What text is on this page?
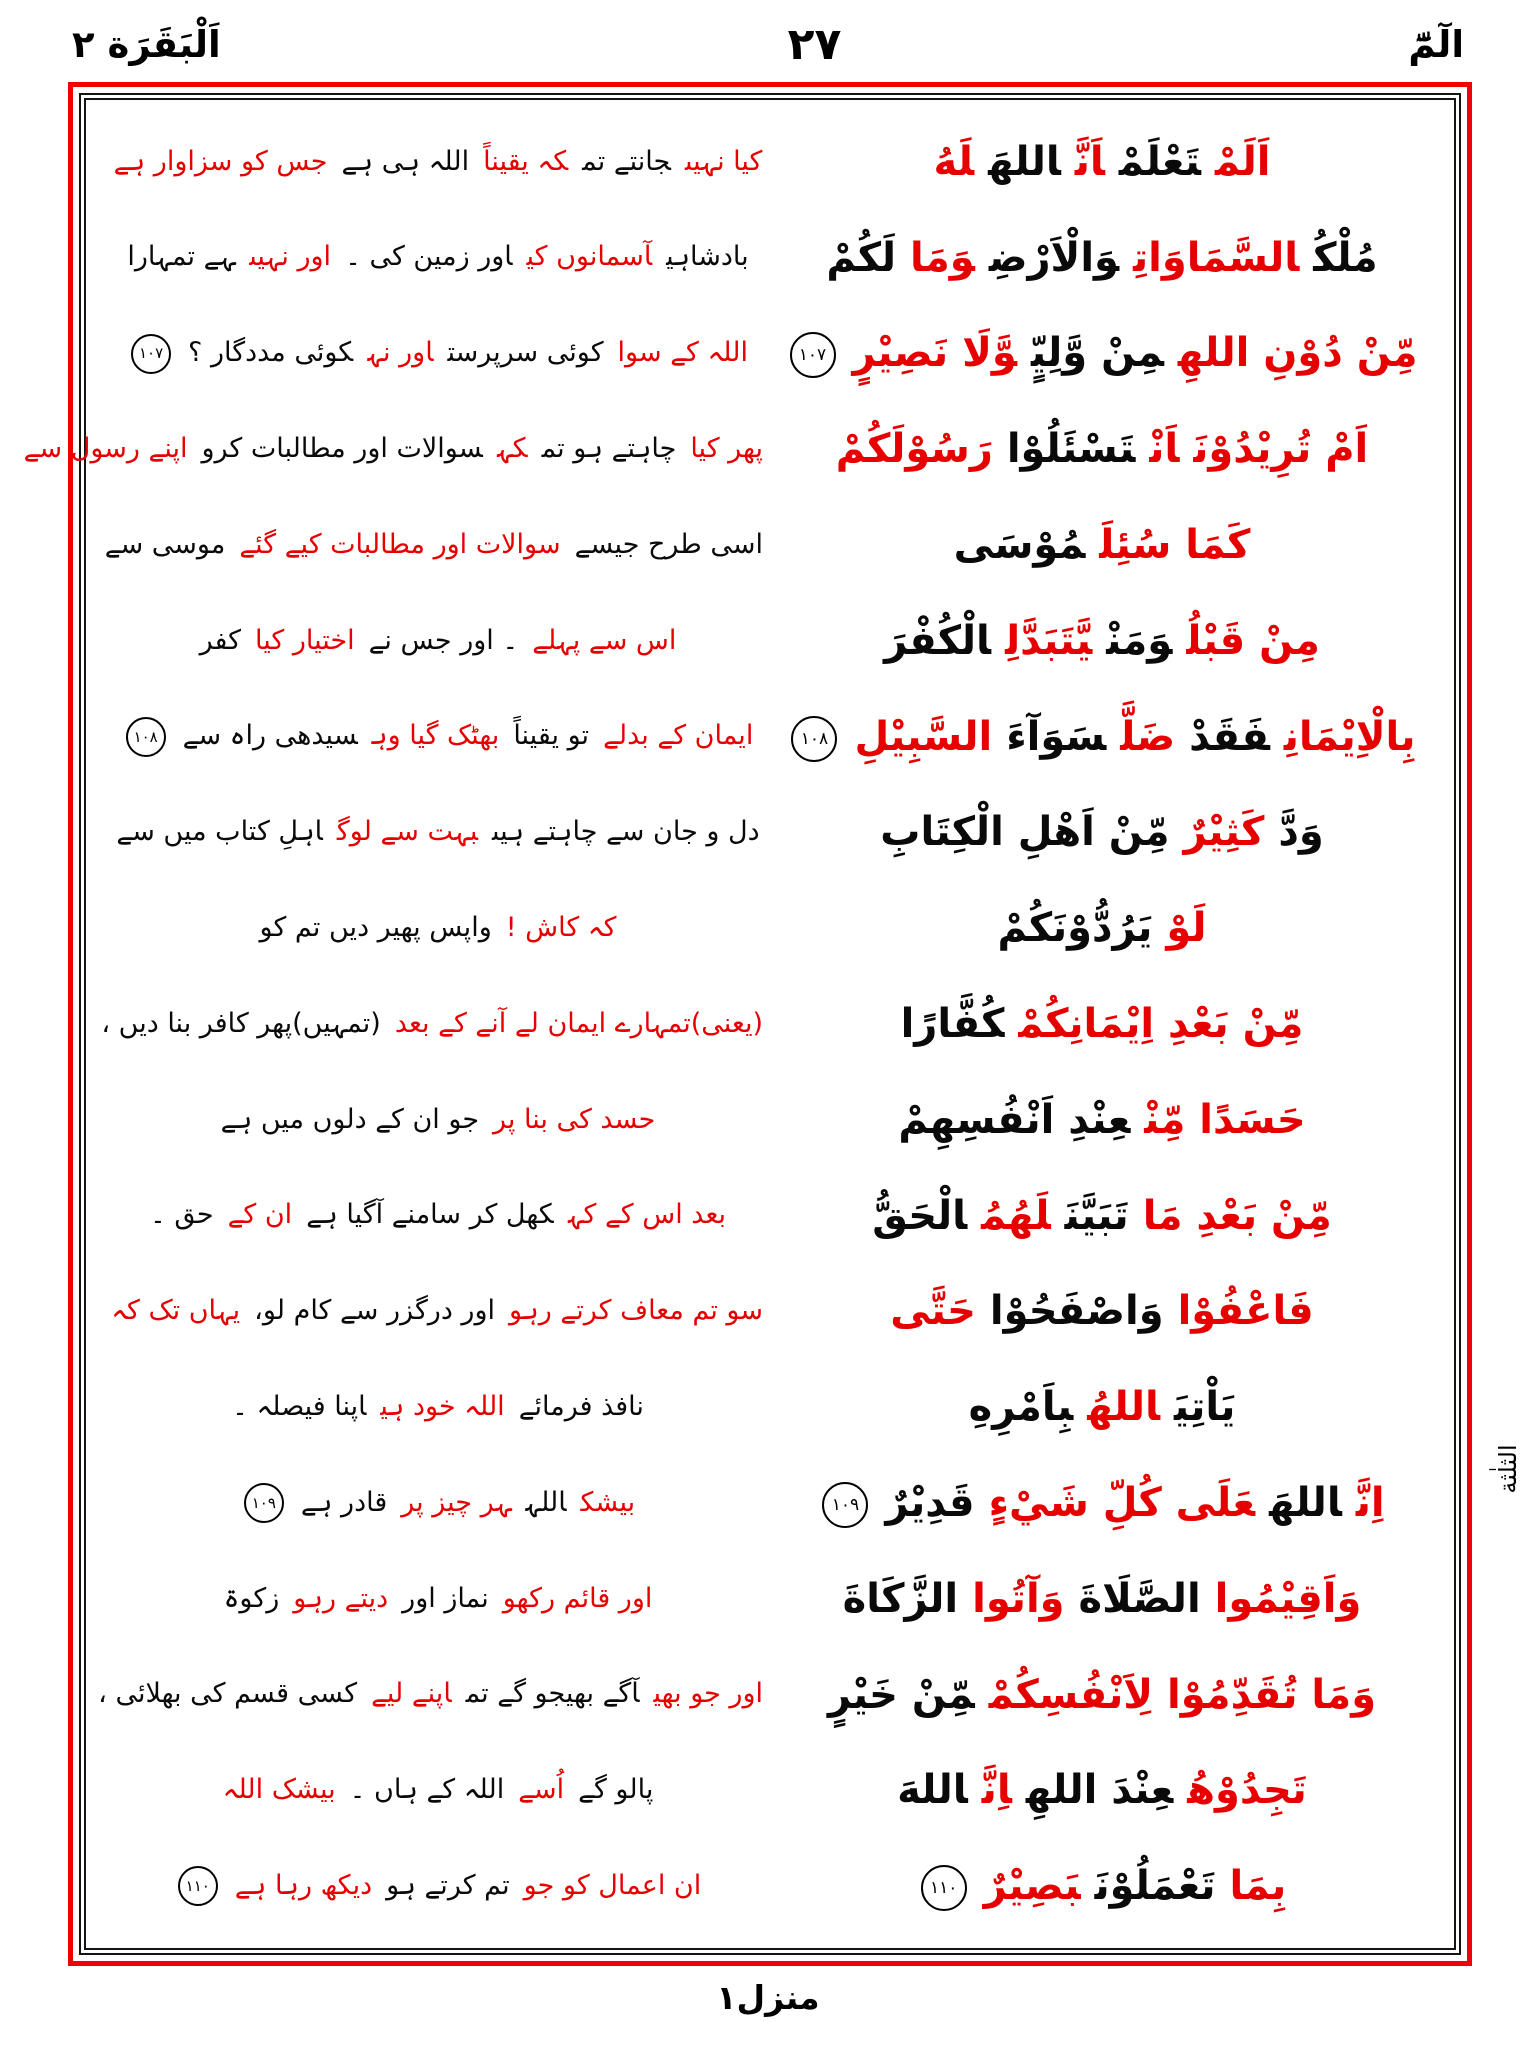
اَلْبَقَرَة ٢	۲۷	الٓمّٓ
کیا نہیںجانتے تمکہ یقیناًاللہ ہی ہےجس کو سزاوار ہے	اَلَمْتَعْلَمْاَنَّاللهَلَهُ
بادشاہیآسمانوں کیاور زمین کی ۔اور نہیںہے تمہارا	مُلْكُالسَّمَاوَاتِوَالْاَرْضِوَمَالَكُمْ
اللہ کے سواکوئی سرپرستاور نہکوئی مددگار ؟١٠٧	مِّنْ دُوْنِ اللهِمِنْ وَّلِيٍّوَّلَا نَصِيْرٍ١٠٧
پھر کیاچاہتے ہو تمکہسوالات اور مطالبات کرواپنے رسول سے	اَمْ تُرِيْدُوْنَاَنْتَسْئَلُوْارَسُوْلَكُمْ
اسی طرح جیسےسوالات اور مطالبات کیے گئےموسی سے	كَمَاسُئِلَمُوْسَى
اس سے پہلے۔ اور جس نےاختیار کیاکفر	مِنْ قَبْلُوَمَنْيَّتَبَدَّلِالْكُفْرَ
ایمان کے بدلےتو یقیناًبھٹک گیا وہسیدھی راہ سے١٠٨	بِالْاِيْمَانِفَقَدْضَلَّسَوَآءَالسَّبِيْلِ١٠٨
دل و جان سے چاہتے ہیںبہت سے لوگاہلِ کتاب میں سے	وَدَّكَثِيْرٌمِّنْ اَهْلِ الْكِتَابِ
کہ کاش !واپس پھیر دیں تم کو	لَوْيَرُدُّوْنَكُمْ
(یعنی)تمہارے ایمان لے آنے کے بعد(تمہیں)پھر کافر بنا دیں ،	مِّنْ بَعْدِ اِيْمَانِكُمْكُفَّارًا
حسد کی بنا پرجو ان کے دلوں میں ہے	حَسَدًا مِّنْعِنْدِ اَنْفُسِهِمْ
بعد اس کے کہکھل کر سامنے آگیا ہےان کےحق ۔	مِّنْ بَعْدِ مَاتَبَيَّنَلَهُمُالْحَقُّ
سو تم معاف کرتے رہواور درگزر سے کام لو،یہاں تک کہ	فَاعْفُوْاوَاصْفَحُوْاحَتَّى
نافذ فرمائےاللہ خود ہیاپنا فیصلہ ۔	يَاْتِيَاللهُبِاَمْرِهِ
بیشکاللہہر چیز پرقادر ہے١٠٩	اِنَّاللهَعَلَى كُلِّ شَيْءٍقَدِيْرٌ١٠٩
اور قائم رکھونماز اوردیتے رہوزکوۃ	وَاَقِيْمُواالصَّلَاةَوَآتُواالزَّكَاةَ
اور جو بھیآگے بھیجو گے تماپنے لیےکسی قسم کی بھلائی ،	وَمَا تُقَدِّمُوْا لِاَنْفُسِكُمْمِّنْ خَيْرٍ
پالو گےاُسےاللہ کے ہاں ۔بیشک اللہ	تَجِدُوْهُعِنْدَ اللهِاِنَّاللهَ
ان اعمال کو جوتم کرتے ہودیکھ رہا ہے١١٠	بِمَاتَعْمَلُوْنَبَصِيْرٌ١١٠
الثلٰثة
منزل١
